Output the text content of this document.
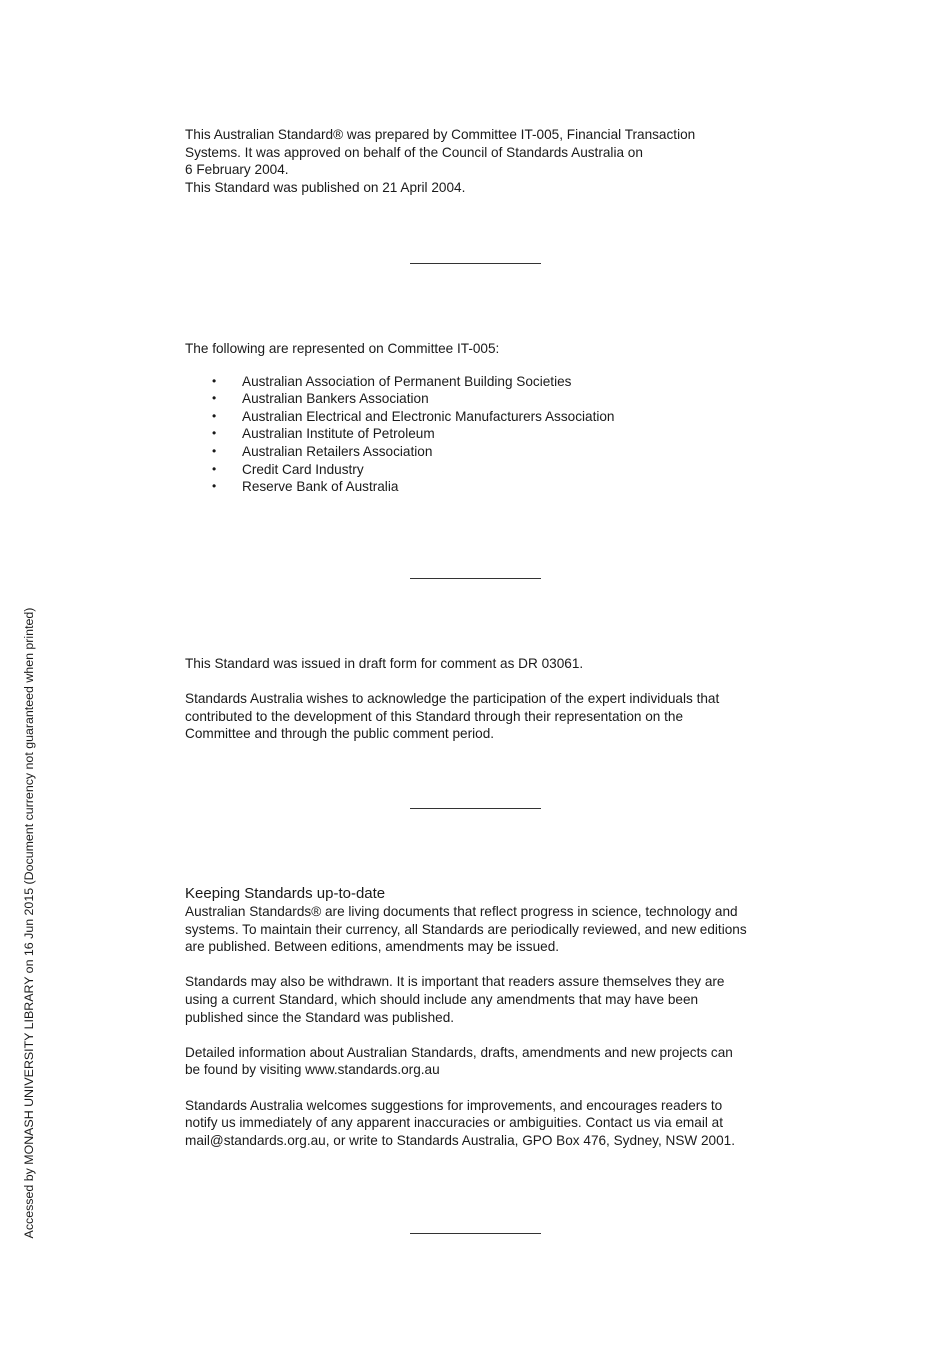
Accessed by MONASH UNIVERSITY LIBRARY on 16 Jun 2015 (Document currency not guaranteed when printed)

This Australian Standard® was prepared by Committee IT-005, Financial Transaction

Systems. It was approved on behalf of the Council of Standards Australia on

6 February 2004.

This Standard was published on 21 April 2004.

The following are represented on Committee IT-005:

• Australian Association of Permanent Building Societies
• Australian Bankers Association
• Australian Electrical and Electronic Manufacturers Association
• Australian Institute of Petroleum
• Australian Retailers Association
• Credit Card Industry
• Reserve Bank of Australia

This Standard was issued in draft form for comment as DR 03061.

Standards Australia wishes to acknowledge the participation of the expert individuals that

contributed to the development of this Standard through their representation on the

Committee and through the public comment period.

Keeping Standards up-to-date

Australian Standards® are living documents that reflect progress in science, technology and

systems. To maintain their currency, all Standards are periodically reviewed, and new editions

are published. Between editions, amendments may be issued.

Standards may also be withdrawn. It is important that readers assure themselves they are

using a current Standard, which should include any amendments that may have been

published since the Standard was published.

Detailed information about Australian Standards, drafts, amendments and new projects can

be found by visiting www.standards.org.au

Standards Australia welcomes suggestions for improvements, and encourages readers to

notify us immediately of any apparent inaccuracies or ambiguities. Contact us via email at

mail@standards.org.au, or write to Standards Australia, GPO Box 476, Sydney, NSW 2001.
